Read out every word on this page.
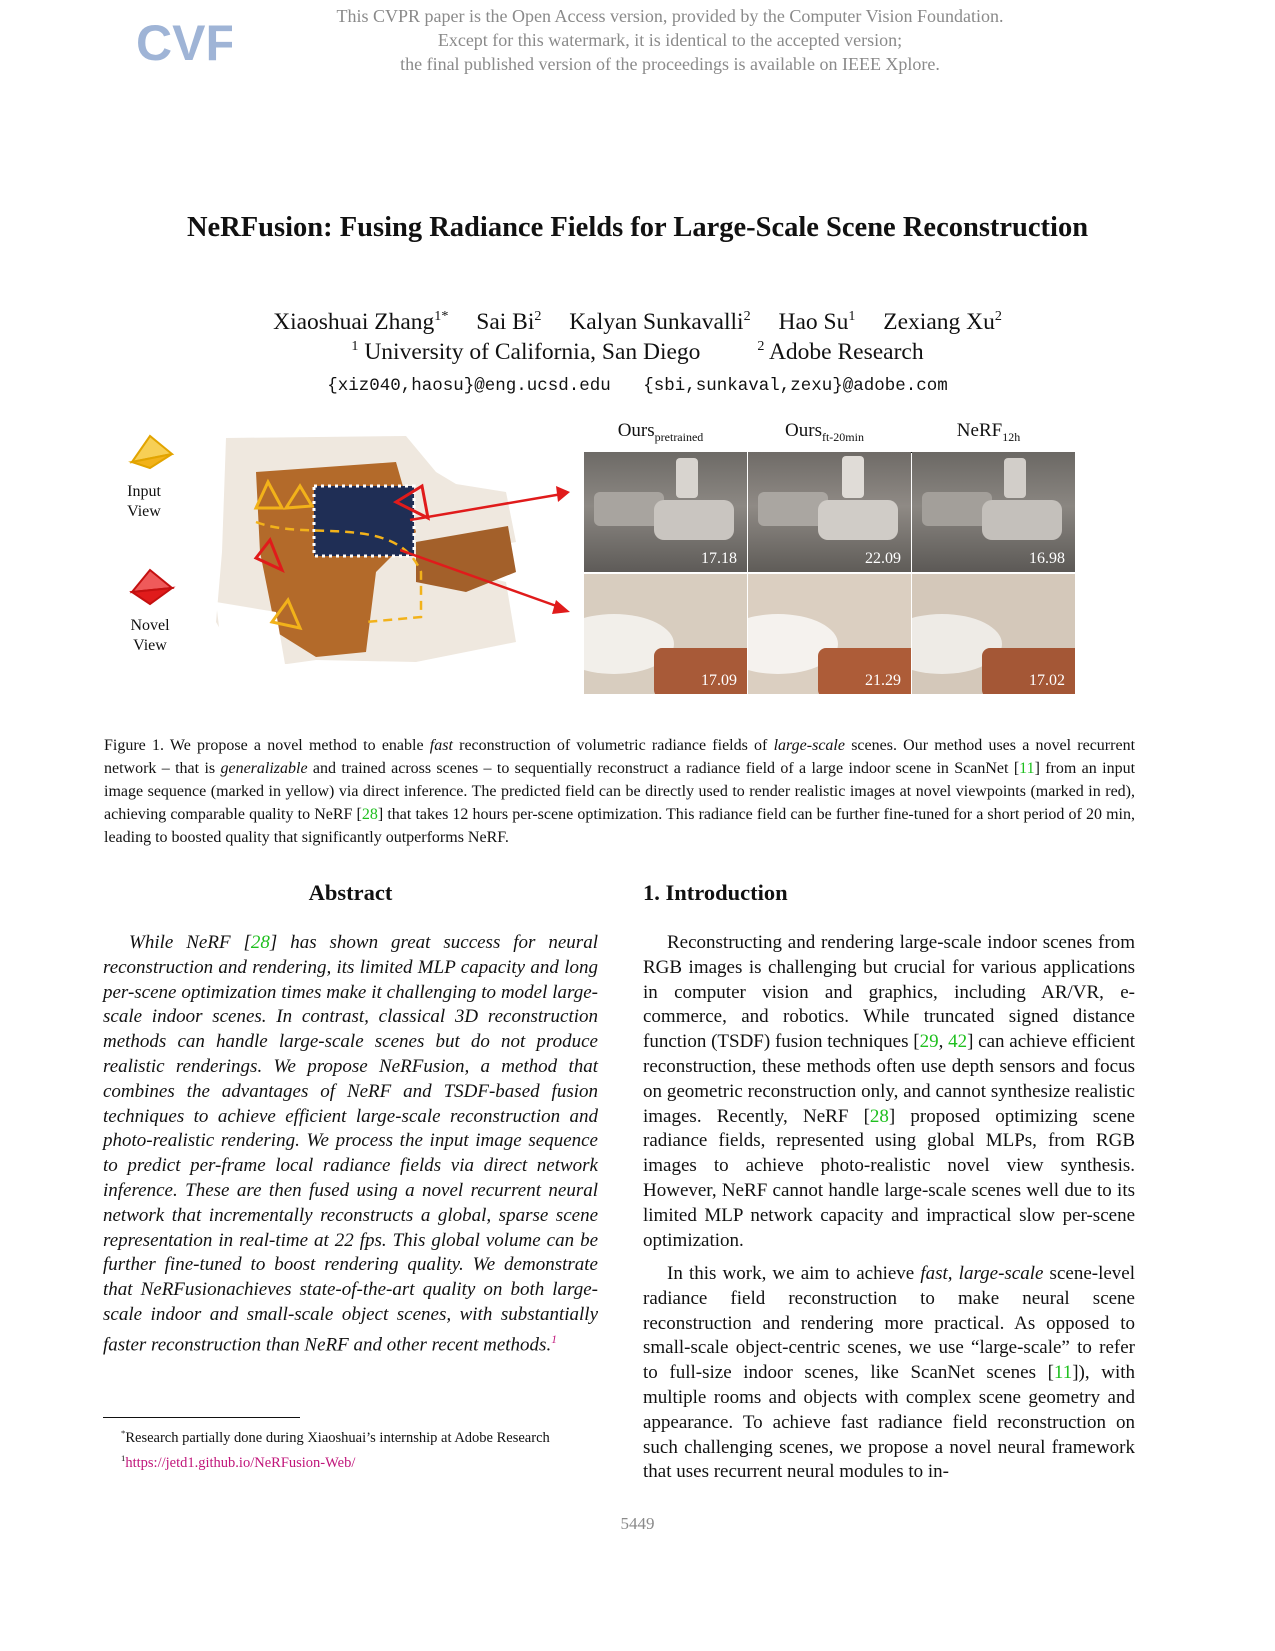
CVF	This CVPR paper is the Open Access version, provided by the Computer Vision Foundation.
Except for this watermark, it is identical to the accepted version;
the final published version of the proceedings is available on IEEE Xplore.
NeRFusion: Fusing Radiance Fields for Large-Scale Scene Reconstruction
Xiaoshuai Zhang$^{1*}$ Sai Bi$^2$ Kalyan Sunkavalli$^2$ Hao Su$^1$ Zexiang Xu$^2$
$^1$ University of California, San Diego	$^2$ Adobe Research
{xiz040,haosu}@eng.ucsd.edu {sbi,sunkaval,zexu}@adobe.com
Input View
Novel View
Ours$_{pretrained}$	Ours$_{ft-20min}$	NeRF$_{12h}$
17.18	22.09	16.98
17.09	21.29	17.02
Figure 1. We propose a novel method to enable fast reconstruction of volumetric radiance fields of large-scale scenes. Our method uses a novel recurrent network – that is generalizable and trained across scenes – to sequentially reconstruct a radiance field of a large indoor scene in ScanNet [11] from an input image sequence (marked in yellow) via direct inference. The predicted field can be directly used to render realistic images at novel viewpoints (marked in red), achieving comparable quality to NeRF [28] that takes 12 hours per-scene optimization. This radiance field can be further fine-tuned for a short period of 20 min, leading to boosted quality that significantly outperforms NeRF.
Abstract

While NeRF [28] has shown great success for neural reconstruction and rendering, its limited MLP capacity and long per-scene optimization times make it challenging to model large-scale indoor scenes. In contrast, classical 3D reconstruction methods can handle large-scale scenes but do not produce realistic renderings. We propose NeRFusion, a method that combines the advantages of NeRF and TSDF-based fusion techniques to achieve efficient large-scale reconstruction and photo-realistic rendering. We process the input image sequence to predict per-frame local radiance fields via direct network inference. These are then fused using a novel recurrent neural network that incrementally reconstructs a global, sparse scene representation in real-time at 22 fps. This global volume can be further fine-tuned to boost rendering quality. We demonstrate that NeRFusionachieves state-of-the-art quality on both large-scale indoor and small-scale object scenes, with substantially faster reconstruction than NeRF and other recent methods.$^1$

1. Introduction

Reconstructing and rendering large-scale indoor scenes from RGB images is challenging but crucial for various applications in computer vision and graphics, including AR/VR, e-commerce, and robotics. While truncated signed distance function (TSDF) fusion techniques [29, 42] can achieve efficient reconstruction, these methods often use depth sensors and focus on geometric reconstruction only, and cannot synthesize realistic images. Recently, NeRF [28] proposed optimizing scene radiance fields, represented using global MLPs, from RGB images to achieve photo-realistic novel view synthesis. However, NeRF cannot handle large-scale scenes well due to its limited MLP network capacity and impractical slow per-scene optimization.

In this work, we aim to achieve fast, large-scale scene-level radiance field reconstruction to make neural scene reconstruction and rendering more practical. As opposed to small-scale object-centric scenes, we use “large-scale” to refer to full-size indoor scenes, like ScanNet scenes [11]), with multiple rooms and objects with complex scene geometry and appearance. To achieve fast radiance field reconstruction on such challenging scenes, we propose a novel neural framework that uses recurrent neural modules to in-

*Research partially done during Xiaoshuai’s internship at Adobe Research
$^1$https://jetd1.github.io/NeRFusion-Web/
5449
